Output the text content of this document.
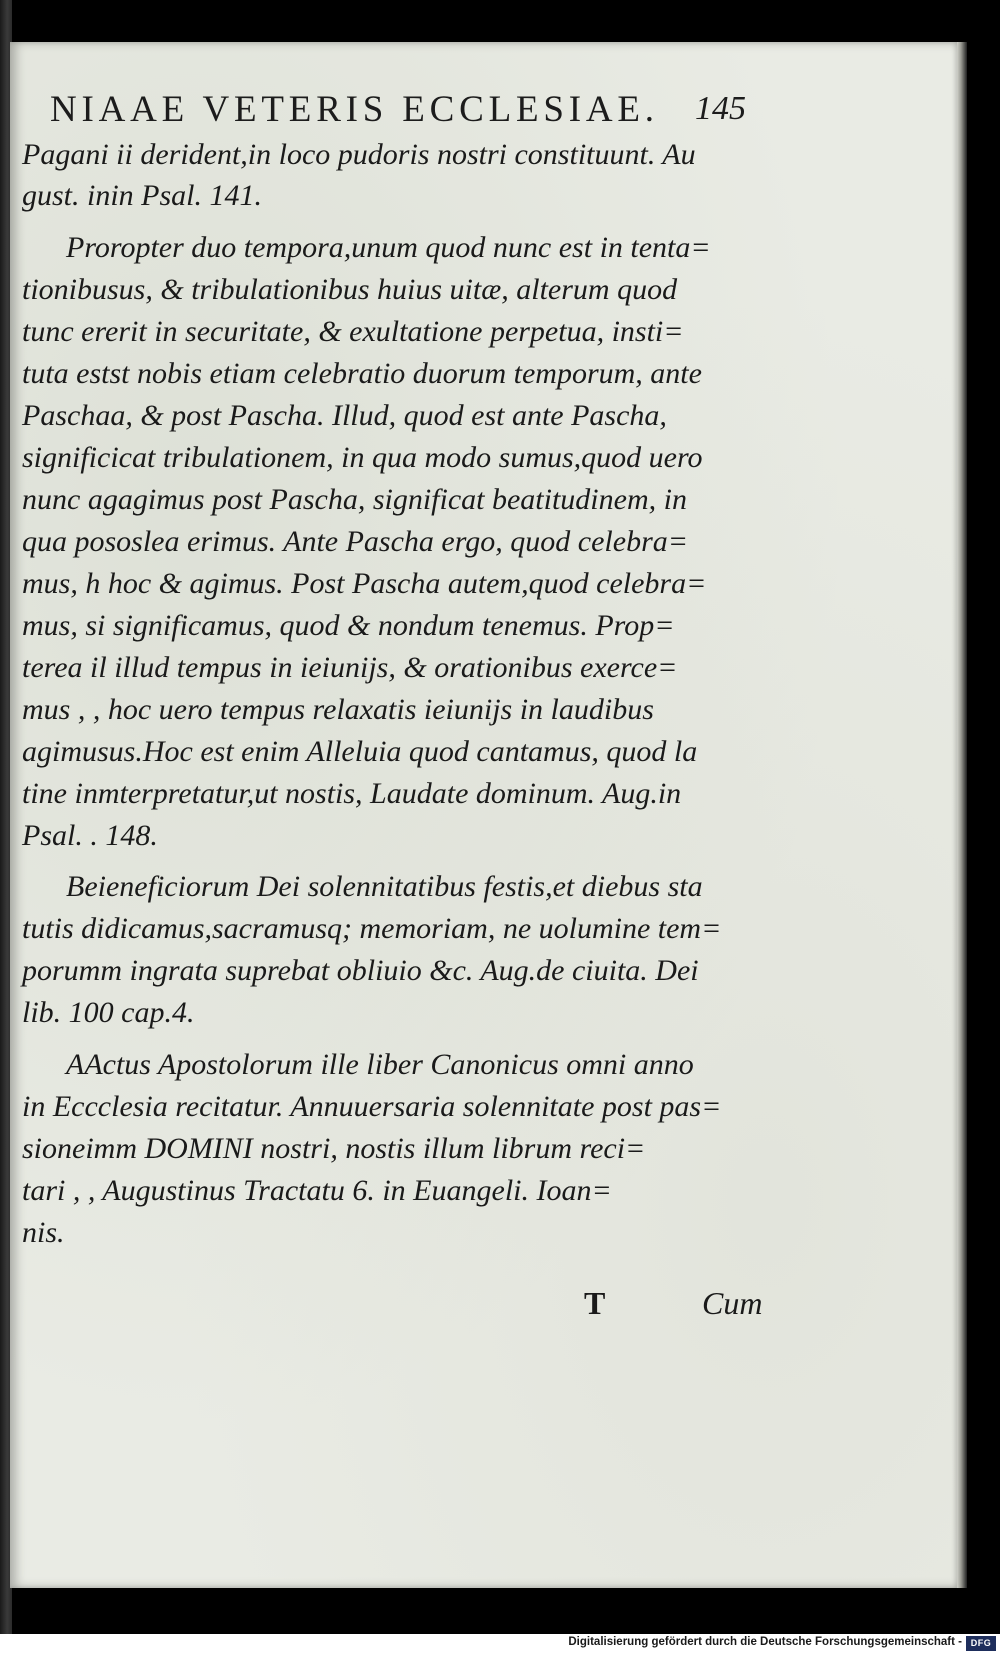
NIAAE VETERIS ECCLESIAE. 145
Pagani ii derident,in loco pudoris nostri constituunt. Au
gust. inin Psal. 141.
Proropter duo tempora,unum quod nunc est in tenta=
tionibusus, & tribulationibus huius uitæ, alterum quod
tunc ererit in securitate, & exultatione perpetua, insti=
tuta estst nobis etiam celebratio duorum temporum, ante
Paschaa, & post Pascha. Illud, quod est ante Pascha,
significicat tribulationem, in qua modo sumus,quod uero
nunc agagimus post Pascha, significat beatitudinem, in
qua pososlea erimus. Ante Pascha ergo, quod celebra=
mus, h hoc & agimus. Post Pascha autem,quod celebra=
mus, si significamus, quod & nondum tenemus. Prop=
terea il illud tempus in ieiunijs, & orationibus exerce=
mus , , hoc uero tempus relaxatis ieiunijs in laudibus
agimusus.Hoc est enim Alleluia quod cantamus, quod la
tine inmterpretatur,ut nostis, Laudate dominum. Aug.in
Psal. . 148.
Beieneficiorum Dei solennitatibus festis,et diebus sta
tutis didicamus,sacramusq; memoriam, ne uolumine tem=
porumm ingrata suprebat obliuio &c. Aug.de ciuita. Dei
lib. 100 cap.4.
AActus Apostolorum ille liber Canonicus omni anno
in Eccclesia recitatur. Annuuersaria solennitate post pas=
sioneimm DOMINI nostri, nostis illum librum reci=
tari , , Augustinus Tractatu 6. in Euangeli. Ioan=
nis.
T	Cum
Digitalisierung gefördert durch die Deutsche Forschungsgemeinschaft - DFG
